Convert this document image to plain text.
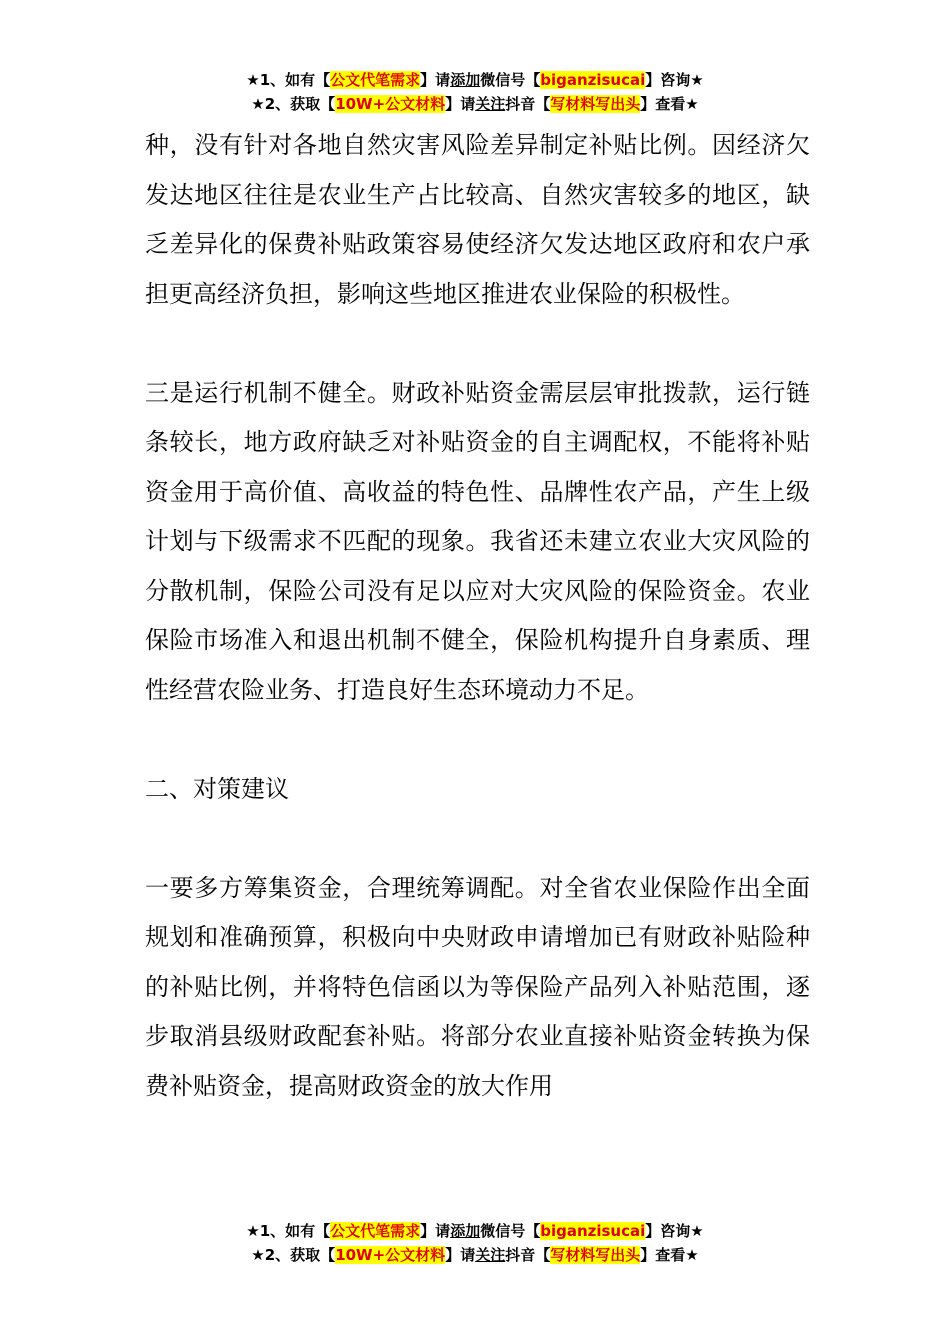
★1、如有【公文代笔需求】请添加微信号【biganzisucai】咨询★
★2、获取【10W+公文材料】请关注抖音【写材料写出头】查看★

种，没有针对各地自然灾害风险差异制定补贴比例。因经济欠发达地区往往是农业生产占比较高、自然灾害较多的地区，缺乏差异化的保费补贴政策容易使经济欠发达地区政府和农户承担更高经济负担，影响这些地区推进农业保险的积极性。

三是运行机制不健全。财政补贴资金需层层审批拨款，运行链条较长，地方政府缺乏对补贴资金的自主调配权，不能将补贴资金用于高价值、高收益的特色性、品牌性农产品，产生上级计划与下级需求不匹配的现象。我省还未建立农业大灾风险的分散机制，保险公司没有足以应对大灾风险的保险资金。农业保险市场准入和退出机制不健全，保险机构提升自身素质、理性经营农险业务、打造良好生态环境动力不足。

二、对策建议

一要多方筹集资金，合理统筹调配。对全省农业保险作出全面规划和准确预算，积极向中央财政申请增加已有财政补贴险种的补贴比例，并将特色信函以为等保险产品列入补贴范围，逐步取消县级财政配套补贴。将部分农业直接补贴资金转换为保费补贴资金，提高财政资金的放大作用

★1、如有【公文代笔需求】请添加微信号【biganzisucai】咨询★
★2、获取【10W+公文材料】请关注抖音【写材料写出头】查看★
